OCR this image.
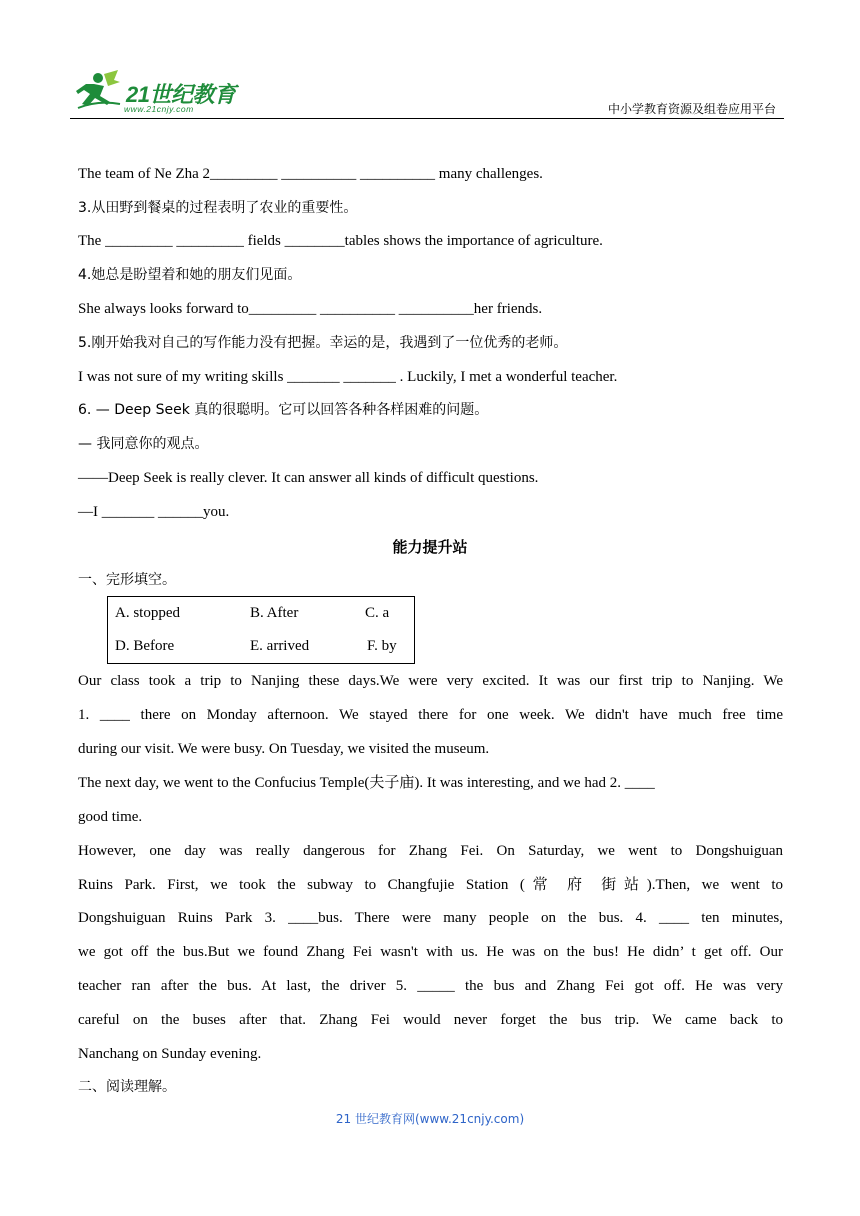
21世纪教育
www.21cnjy.com	中小学教育资源及组卷应用平台
The team of Ne Zha 2_________ __________ __________ many challenges.
3.从田野到餐桌的过程表明了农业的重要性。
The _________ _________ fields ________tables shows the importance of agriculture.
4.她总是盼望着和她的朋友们见面。
She always looks forward to_________ __________ __________her friends.
5.刚开始我对自己的写作能力没有把握。幸运的是，我遇到了一位优秀的老师。
I was not sure of my writing skills _______ _______ . Luckily, I met a wonderful teacher.
6. — Deep Seek 真的很聪明。它可以回答各种各样困难的问题。
— 我同意你的观点。
——Deep Seek is really clever. It can answer all kinds of difficult questions.
—I _______ ______you.
能力提升站
一、完形填空。
A. stopped	B. After	C. a
D. Before	E. arrived	F. by
Our class took a trip to Nanjing these days.We were very excited. It was our first trip to Nanjing. We
1. ____ there on Monday afternoon. We stayed there for one week. We didn't have much free time
during our visit. We were busy. On Tuesday, we visited the museum.
The next day, we went to the Confucius Temple(夫子庙). It was interesting, and we had 2. ____
good time.
However, one day was really dangerous for Zhang Fei. On Saturday, we went to Dongshuiguan
Ruins Park. First, we took the subway to Changfujie Station (常 府 街站).Then, we went to
Dongshuiguan Ruins Park 3. ____bus. There were many people on the bus. 4. ____ ten minutes,
we got off the bus.But we found Zhang Fei wasn't with us. He was on the bus! He didn’ t get off. Our
teacher ran after the bus. At last, the driver 5. _____ the bus and Zhang Fei got off. He was very
careful on the buses after that. Zhang Fei would never forget the bus trip. We came back to
Nanchang on Sunday evening.
二、阅读理解。
21 世纪教育网(www.21cnjy.com)
